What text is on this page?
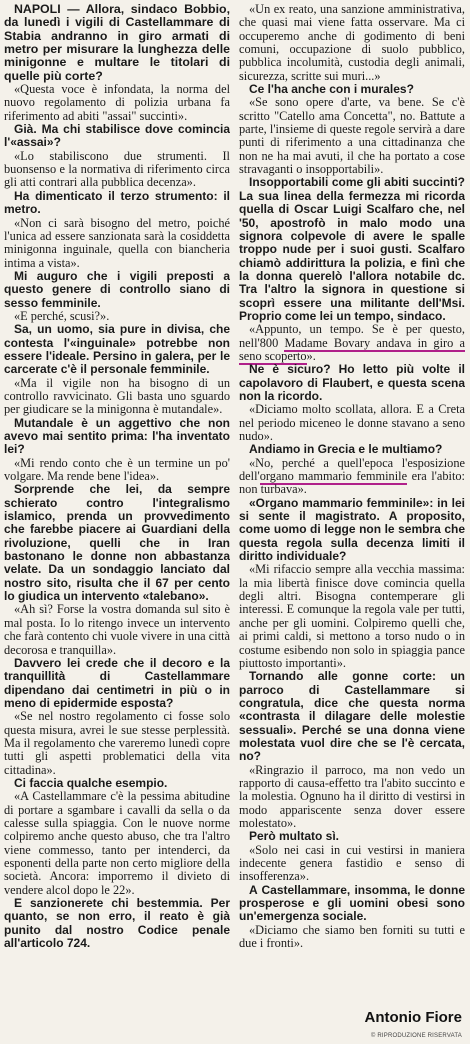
NAPOLI — Allora, sindaco Bobbio, da lunedì i vigili di Castellammare di Stabia andranno in giro armati di metro per misurare la lunghezza delle minigonne e multare le titolari di quelle più corte?

«Questa voce è infondata, la norma del nuovo regolamento di polizia urbana fa riferimento ad abiti "assai" succinti».

Già. Ma chi stabilisce dove comincia l'«assai»?

«Lo stabiliscono due strumenti. Il buonsenso e la normativa di riferimento circa gli atti contrari alla pubblica decenza».

Ha dimenticato il terzo strumento: il metro.

«Non ci sarà bisogno del metro, poiché l'unica ad essere sanzionata sarà la cosiddetta minigonna inguinale, quella con biancheria intima a vista».

Mi auguro che i vigili preposti a questo genere di controllo siano di sesso femminile.

«E perché, scusi?».

Sa, un uomo, sia pure in divisa, che contesta l'«inguinale» potrebbe non essere l'ideale. Persino in galera, per le carcerate c'è il personale femminile.

«Ma il vigile non ha bisogno di un controllo ravvicinato. Gli basta uno sguardo per giudicare se la minigonna è mutandale».

Mutandale è un aggettivo che non avevo mai sentito prima: l'ha inventato lei?

«Mi rendo conto che è un termine un po' volgare. Ma rende bene l'idea».

Sorprende che lei, da sempre schierato contro l'integralismo islamico, prenda un provvedimento che farebbe piacere ai Guardiani della rivoluzione, quelli che in Iran bastonano le donne non abbastanza velate. Da un sondaggio lanciato dal nostro sito, risulta che il 67 per cento lo giudica un intervento «talebano».

«Ah sì? Forse la vostra domanda sul sito è mal posta. Io lo ritengo invece un intervento che farà contento chi vuole vivere in una città decorosa e tranquilla».

Davvero lei crede che il decoro e la tranquillità di Castellammare dipendano dai centimetri in più o in meno di epidermide esposta?

«Se nel nostro regolamento ci fosse solo questa misura, avrei le sue stesse perplessità. Ma il regolamento che vareremo lunedì copre tutti gli aspetti problematici della vita cittadina».

Ci faccia qualche esempio.

«A Castellammare c'è la pessima abitudine di portare a sgambare i cavalli da sella o da calesse sulla spiaggia. Con le nuove norme colpiremo anche questo abuso, che tra l'altro viene commesso, tanto per intenderci, da esponenti della parte non certo migliore della società. Ancora: imporremo il divieto di vendere alcol dopo le 22».

E sanzionerete chi bestemmia. Per quanto, se non erro, il reato è già punito dal nostro Codice penale all'articolo 724.

«Un ex reato, una sanzione amministrativa, che quasi mai viene fatta osservare. Ma ci occuperemo anche di godimento di beni comuni, occupazione di suolo pubblico, pubblica incolumità, custodia degli animali, sicurezza, scritte sui muri...»

Ce l'ha anche con i murales?

«Se sono opere d'arte, va bene. Se c'è scritto "Catello ama Concetta", no. Battute a parte, l'insieme di queste regole servirà a dare punti di riferimento a una cittadinanza che non ne ha mai avuti, il che ha portato a cose stravaganti o insopportabili».

Insopportabili come gli abiti succinti? La sua linea della fermezza mi ricorda quella di Oscar Luigi Scalfaro che, nel '50, apostrofò in malo modo una signora colpevole di avere le spalle troppo nude per i suoi gusti. Scalfaro chiamò addirittura la polizia, e finì che la donna querelò l'allora notabile dc. Tra l'altro la signora in questione si scoprì essere una militante dell'Msi. Proprio come lei un tempo, sindaco.

«Appunto, un tempo. Se è per questo, nell'800 Madame Bovary andava in giro a seno scoperto».

Ne è sicuro? Ho letto più volte il capolavoro di Flaubert, e questa scena non la ricordo.

«Diciamo molto scollata, allora. E a Creta nel periodo miceneo le donne stavano a seno nudo».

Andiamo in Grecia e le multiamo?

«No, perché a quell'epoca l'esposizione dell'organo mammario femminile era l'abito: non turbava».

«Organo mammario femminile»: in lei si sente il magistrato. A proposito, come uomo di legge non le sembra che questa regola sulla decenza limiti il diritto individuale?

«Mi rifaccio sempre alla vecchia massima: la mia libertà finisce dove comincia quella degli altri. Bisogna contemperare gli interessi. E comunque la regola vale per tutti, anche per gli uomini. Colpiremo quelli che, ai primi caldi, si mettono a torso nudo o in costume esibendo non solo in spiaggia pance piuttosto importanti».

Tornando alle gonne corte: un parroco di Castellammare si congratula, dice che questa norma «contrasta il dilagare delle molestie sessuali». Perché se una donna viene molestata vuol dire che se l'è cercata, no?

«Ringrazio il parroco, ma non vedo un rapporto di causa-effetto tra l'abito succinto e la molestia. Ognuno ha il diritto di vestirsi in modo appariscente senza dover essere molestato».

Però multato sì.

«Solo nei casi in cui vestirsi in maniera indecente genera fastidio e senso di insofferenza».

A Castellammare, insomma, le donne prosperose e gli uomini obesi sono un'emergenza sociale.

«Diciamo che siamo ben forniti su tutti e due i fronti».

Antonio Fiore
© RIPRODUZIONE RISERVATA
